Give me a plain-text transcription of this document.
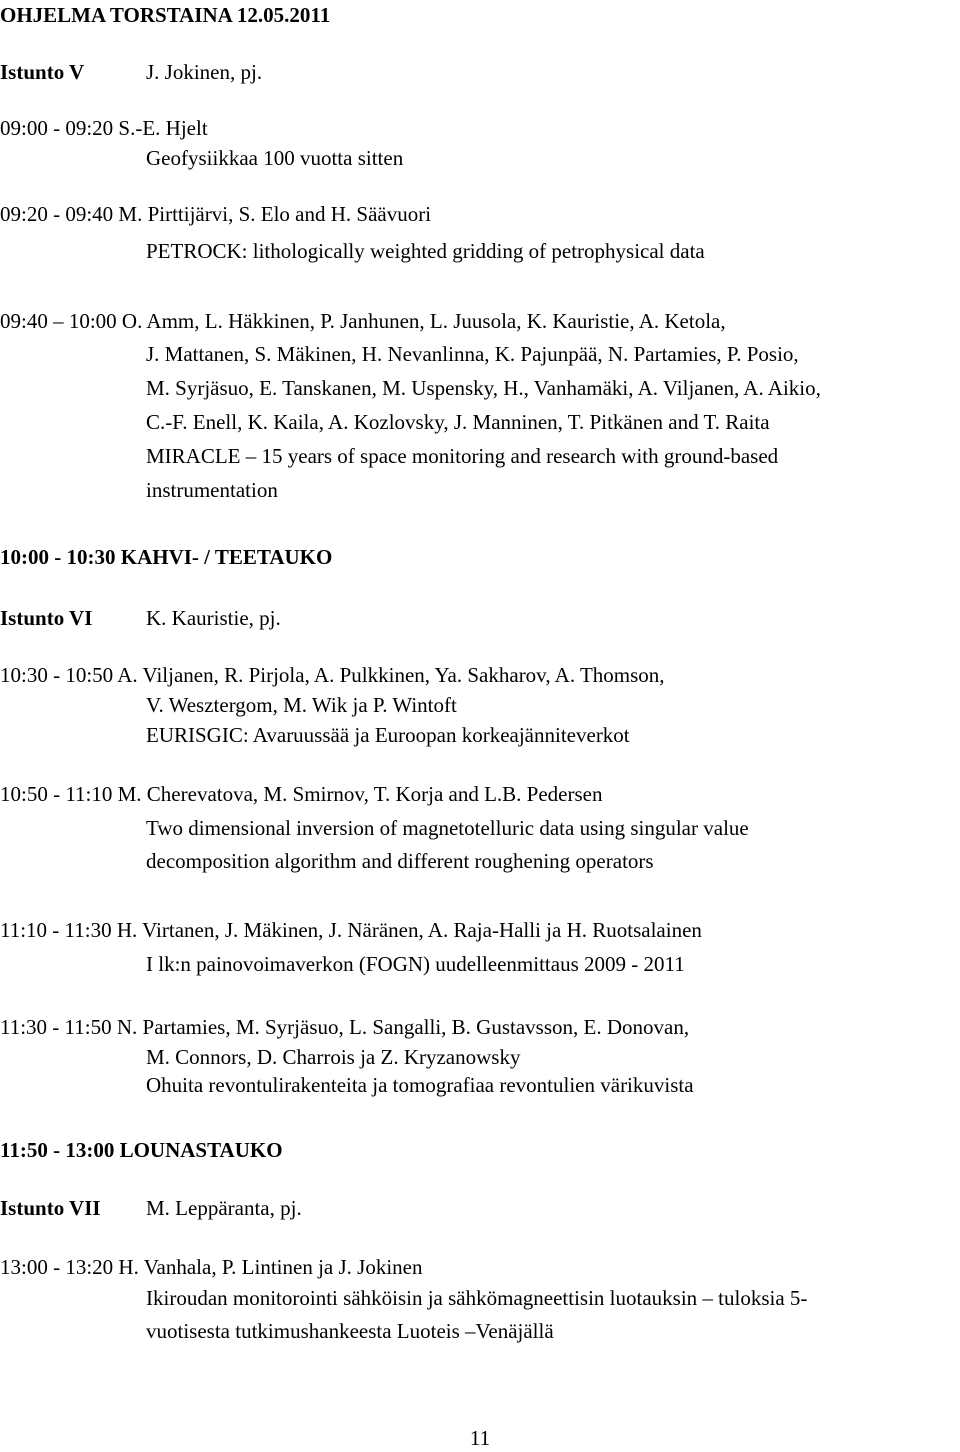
OHJELMA TORSTAINA 12.05.2011
Istunto V	J. Jokinen, pj.
09:00 - 09:20 S.-E. Hjelt
Geofysiikkaa 100 vuotta sitten
09:20 - 09:40 M. Pirttijärvi, S. Elo and H. Säävuori
PETROCK: lithologically weighted gridding of petrophysical data
09:40 – 10:00 O. Amm, L. Häkkinen, P. Janhunen, L. Juusola, K. Kauristie, A. Ketola,
J. Mattanen, S. Mäkinen, H. Nevanlinna, K. Pajunpää, N. Partamies, P. Posio,
M. Syrjäsuo, E. Tanskanen, M. Uspensky, H., Vanhamäki, A. Viljanen, A. Aikio,
C.-F. Enell, K. Kaila, A. Kozlovsky, J. Manninen, T. Pitkänen and T. Raita
MIRACLE – 15 years of space monitoring and research with ground-based
instrumentation
10:00 - 10:30 KAHVI- / TEETAUKO
Istunto VI	K. Kauristie, pj.
10:30 - 10:50 A. Viljanen, R. Pirjola, A. Pulkkinen, Ya. Sakharov, A. Thomson,
V. Wesztergom, M. Wik ja P. Wintoft
EURISGIC: Avaruussää ja Euroopan korkeajänniteverkot
10:50 - 11:10 M. Cherevatova, M. Smirnov, T. Korja and L.B. Pedersen
Two dimensional inversion of magnetotelluric data using singular value
decomposition algorithm and different roughening operators
11:10 - 11:30 H. Virtanen, J. Mäkinen, J. Näränen, A. Raja-Halli ja H. Ruotsalainen
I lk:n painovoimaverkon (FOGN) uudelleenmittaus 2009 - 2011
11:30 - 11:50 N. Partamies, M. Syrjäsuo, L. Sangalli, B. Gustavsson, E. Donovan,
M. Connors, D. Charrois ja Z. Kryzanowsky
Ohuita revontulirakenteita ja tomografiaa revontulien värikuvista
11:50 - 13:00 LOUNASTAUKO
Istunto VII M. Leppäranta, pj.
13:00 - 13:20 H. Vanhala, P. Lintinen ja J. Jokinen
Ikiroudan monitorointi sähköisin ja sähkömagneettisin luotauksin – tuloksia 5-
vuotisesta tutkimushankeesta Luoteis –Venäjällä
11
